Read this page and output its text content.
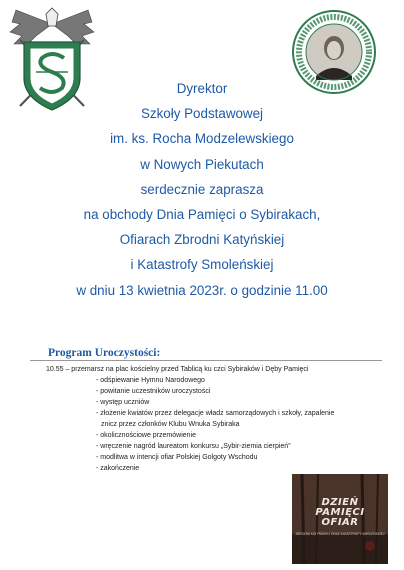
Dyrektor
Szkoły Podstawowej
im. ks. Rocha Modzelewskiego
w Nowych Piekutach
serdecznie zaprasza
na obchody Dnia Pamięci o Sybirakach,
Ofiarach Zbrodni Katyńskiej
i Katastrofy Smoleńskiej
w dniu 13 kwietnia 2023r. o godzinie 11.00
Program Uroczystości:
10.55 – przemarsz na plac kościelny przed Tablicą ku czci Sybiraków i Dęby Pamięci
- odśpiewanie Hymnu Narodowego
- powitanie uczestników uroczystości
- występ uczniów
- złożenie kwiatów przez delegacje władz samorządowych i szkoły, zapalenie
znicz przez członków Klubu Wnuka Sybiraka
- okolicznościowe przemówienie
- wręczenie nagród laureatom konkursu „Sybir-ziemia cierpień”
- modlitwa w intencji ofiar Polskiej Golgoty Wschodu
- zakończenie
DZIEŃ
PAMIĘCI
OFIAR
ZBRODNI KATYŃSKIEJ ORAZ KATASTROFY SMOLEŃSKIEJ
